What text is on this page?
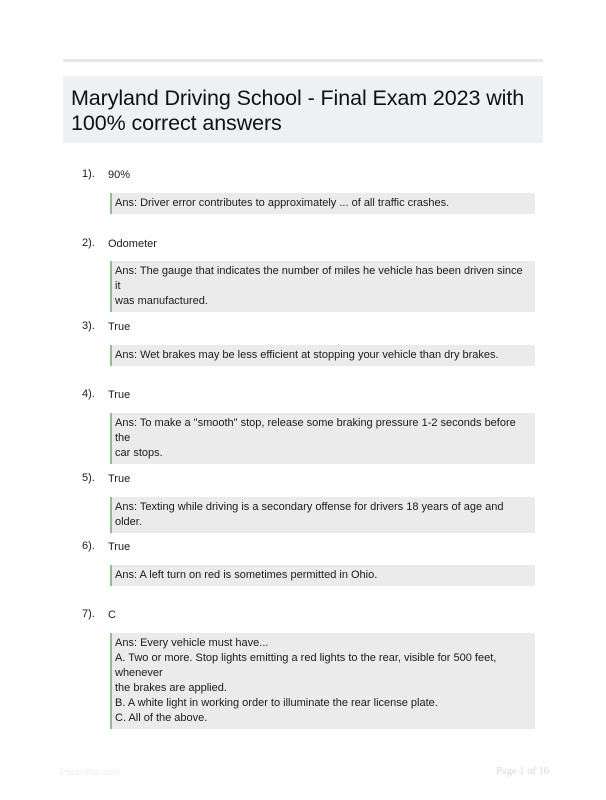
Maryland Driving School - Final Exam 2023 with 100% correct answers
1). 90%
Ans: Driver error contributes to approximately ... of all traffic crashes.
2). Odometer
Ans: The gauge that indicates the number of miles he vehicle has been driven since it
was manufactured.
3). True
Ans: Wet brakes may be less efficient at stopping your vehicle than dry brakes.
4). True
Ans: To make a "smooth" stop, release some braking pressure 1-2 seconds before the
car stops.
5). True
Ans: Texting while driving is a secondary offense for drivers 18 years of age and older.
6). True
Ans: A left turn on red is sometimes permitted in Ohio.
7). C
Ans: Every vehicle must have...
A. Two or more. Stop lights emitting a red lights to the rear, visible for 500 feet, whenever
the brakes are applied.
B. A white light in working order to illuminate the rear license plate.
C. All of the above.
Papertthic.com	Page 1 of 16
